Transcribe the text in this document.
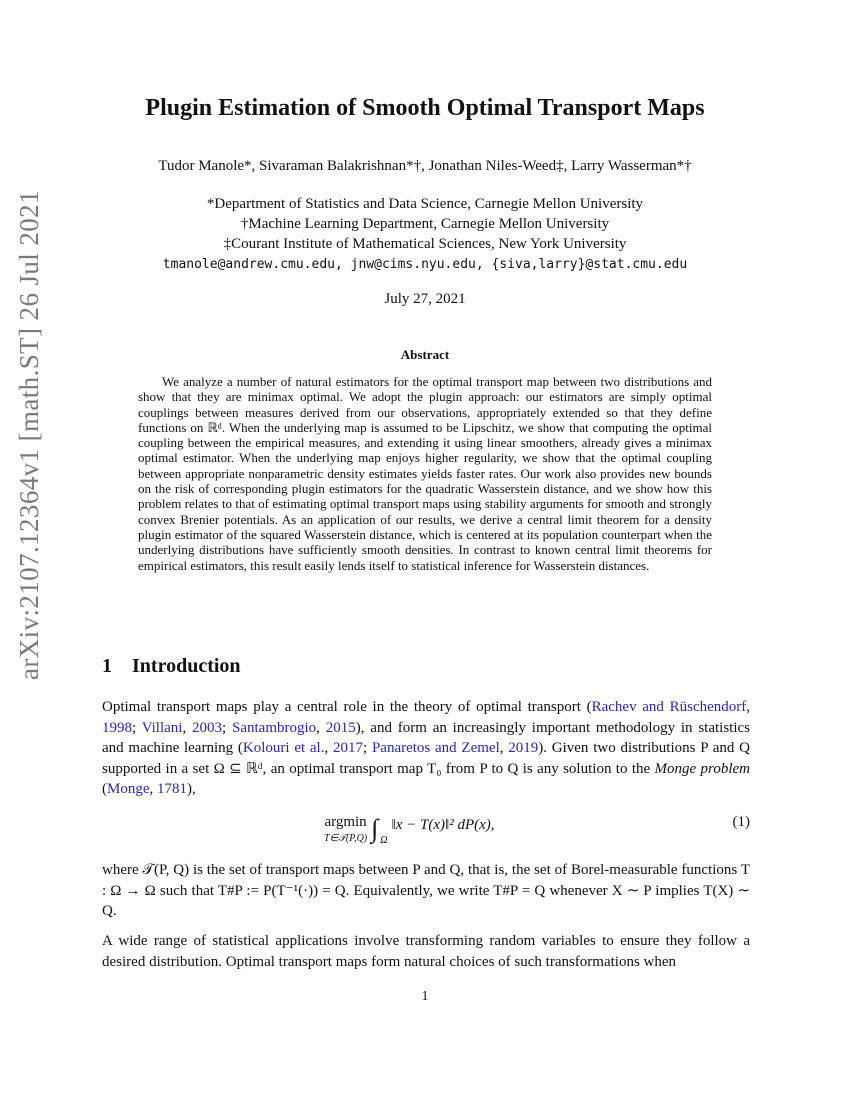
arXiv:2107.12364v1 [math.ST] 26 Jul 2021
Plugin Estimation of Smooth Optimal Transport Maps
Tudor Manole*, Sivaraman Balakrishnan*†, Jonathan Niles-Weed‡, Larry Wasserman*†
*Department of Statistics and Data Science, Carnegie Mellon University
†Machine Learning Department, Carnegie Mellon University
‡Courant Institute of Mathematical Sciences, New York University
tmanole@andrew.cmu.edu, jnw@cims.nyu.edu, {siva,larry}@stat.cmu.edu
July 27, 2021
Abstract
We analyze a number of natural estimators for the optimal transport map between two distributions and show that they are minimax optimal. We adopt the plugin approach: our estimators are simply optimal couplings between measures derived from our observations, appropriately extended so that they define functions on ℝᵈ. When the underlying map is assumed to be Lipschitz, we show that computing the optimal coupling between the empirical measures, and extending it using linear smoothers, already gives a minimax optimal estimator. When the underlying map enjoys higher regularity, we show that the optimal coupling between appropriate nonparametric density estimates yields faster rates. Our work also provides new bounds on the risk of corresponding plugin estimators for the quadratic Wasserstein distance, and we show how this problem relates to that of estimating optimal transport maps using stability arguments for smooth and strongly convex Brenier potentials. As an application of our results, we derive a central limit theorem for a density plugin estimator of the squared Wasserstein distance, which is centered at its population counterpart when the underlying distributions have sufficiently smooth densities. In contrast to known central limit theorems for empirical estimators, this result easily lends itself to statistical inference for Wasserstein distances.
1 Introduction
Optimal transport maps play a central role in the theory of optimal transport (Rachev and Rüschendorf, 1998; Villani, 2003; Santambrogio, 2015), and form an increasingly important methodology in statistics and machine learning (Kolouri et al., 2017; Panaretos and Zemel, 2019). Given two distributions P and Q supported in a set Ω ⊆ ℝᵈ, an optimal transport map T₀ from P to Q is any solution to the Monge problem (Monge, 1781),
argmin
T∈𝒯(P,Q) ∫ $_\Omega$‖x − T(x)‖² dP(x),	(1)
where 𝒯(P, Q) is the set of transport maps between P and Q, that is, the set of Borel-measurable functions T : Ω → Ω such that T#P := P(T⁻¹(·)) = Q. Equivalently, we write T#P = Q whenever X ∼ P implies T(X) ∼ Q.
A wide range of statistical applications involve transforming random variables to ensure they follow a desired distribution. Optimal transport maps form natural choices of such transformations when
1
